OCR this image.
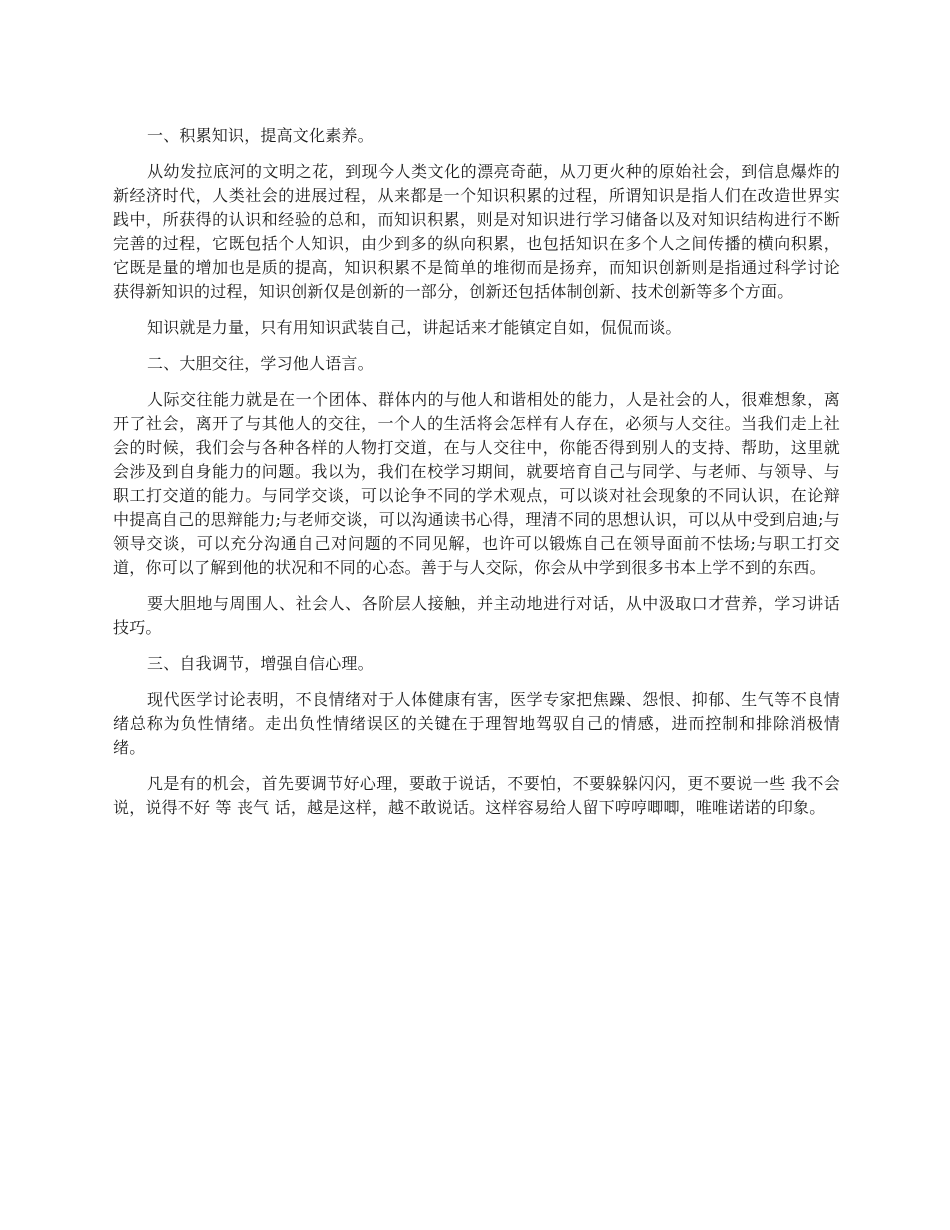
一、积累知识，提高文化素养。

从幼发拉底河的文明之花，到现今人类文化的漂亮奇葩，从刀更火种的原始社会，到信息爆炸的新经济时代，人类社会的进展过程，从来都是一个知识积累的过程，所谓知识是指人们在改造世界实践中，所获得的认识和经验的总和，而知识积累，则是对知识进行学习储备以及对知识结构进行不断完善的过程，它既包括个人知识，由少到多的纵向积累，也包括知识在多个人之间传播的横向积累，它既是量的增加也是质的提高，知识积累不是简单的堆彻而是扬弃，而知识创新则是指通过科学讨论获得新知识的过程，知识创新仅是创新的一部分，创新还包括体制创新、技术创新等多个方面。

知识就是力量，只有用知识武装自己，讲起话来才能镇定自如，侃侃而谈。

二、大胆交往，学习他人语言。

人际交往能力就是在一个团体、群体内的与他人和谐相处的能力，人是社会的人，很难想象，离开了社会，离开了与其他人的交往，一个人的生活将会怎样有人存在，必须与人交往。当我们走上社会的时候，我们会与各种各样的人物打交道，在与人交往中，你能否得到别人的支持、帮助，这里就会涉及到自身能力的问题。我以为，我们在校学习期间，就要培育自己与同学、与老师、与领导、与职工打交道的能力。与同学交谈，可以论争不同的学术观点，可以谈对社会现象的不同认识，在论辩中提高自己的思辩能力;与老师交谈，可以沟通读书心得，理清不同的思想认识，可以从中受到启迪;与领导交谈，可以充分沟通自己对问题的不同见解，也许可以锻炼自己在领导面前不怯场;与职工打交道，你可以了解到他的状况和不同的心态。善于与人交际，你会从中学到很多书本上学不到的东西。

要大胆地与周围人、社会人、各阶层人接触，并主动地进行对话，从中汲取口才营养，学习讲话技巧。

三、自我调节，增强自信心理。

现代医学讨论表明，不良情绪对于人体健康有害，医学专家把焦躁、怨恨、抑郁、生气等不良情绪总称为负性情绪。走出负性情绪误区的关键在于理智地驾驭自己的情感，进而控制和排除消极情绪。

凡是有的机会，首先要调节好心理，要敢于说话，不要怕，不要躲躲闪闪，更不要说一些 我不会说，说得不好 等 丧气 话，越是这样，越不敢说话。这样容易给人留下哼哼唧唧，唯唯诺诺的印象。
